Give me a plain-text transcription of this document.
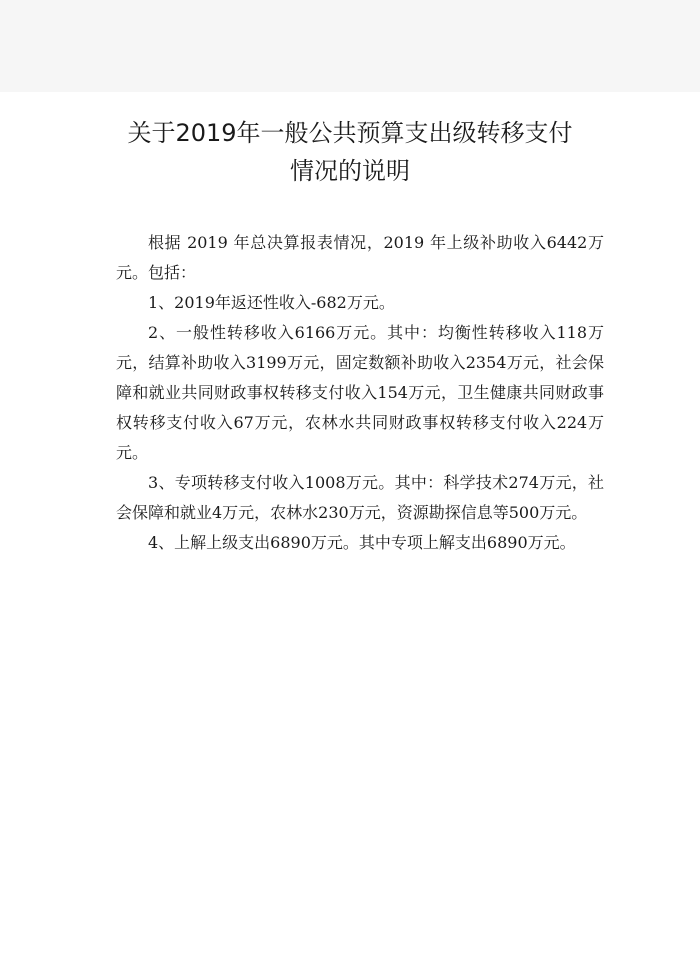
关于2019年一般公共预算支出级转移支付
情况的说明

根据 2019 年总决算报表情况，2019 年上级补助收入6442万元。包括：

1、2019年返还性收入-682万元。

2、一般性转移收入6166万元。其中：均衡性转移收入118万元，结算补助收入3199万元，固定数额补助收入2354万元，社会保障和就业共同财政事权转移支付收入154万元，卫生健康共同财政事权转移支付收入67万元，农林水共同财政事权转移支付收入224万元。

3、专项转移支付收入1008万元。其中：科学技术274万元，社会保障和就业4万元，农林水230万元，资源勘探信息等500万元。

4、上解上级支出6890万元。其中专项上解支出6890万元。
